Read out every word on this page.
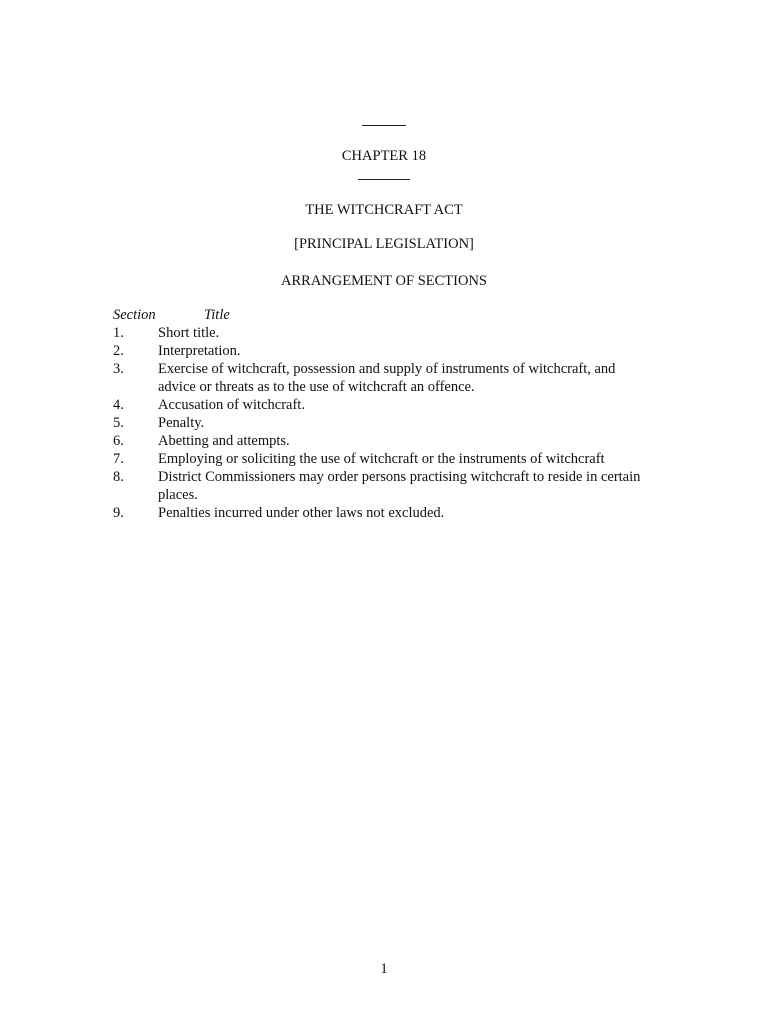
CHAPTER 18
THE WITCHCRAFT ACT
[PRINCIPAL LEGISLATION]
ARRANGEMENT OF SECTIONS
Section	Title
1.	Short title.
2.	Interpretation.
3.	Exercise of witchcraft, possession and supply of instruments of witchcraft, and advice or threats as to the use of witchcraft an offence.
4.	Accusation of witchcraft.
5.	Penalty.
6.	Abetting and attempts.
7.	Employing or soliciting the use of witchcraft or the instruments of witchcraft
8.	District Commissioners may order persons practising witchcraft to reside in certain places.
9.	Penalties incurred under other laws not excluded.
1
